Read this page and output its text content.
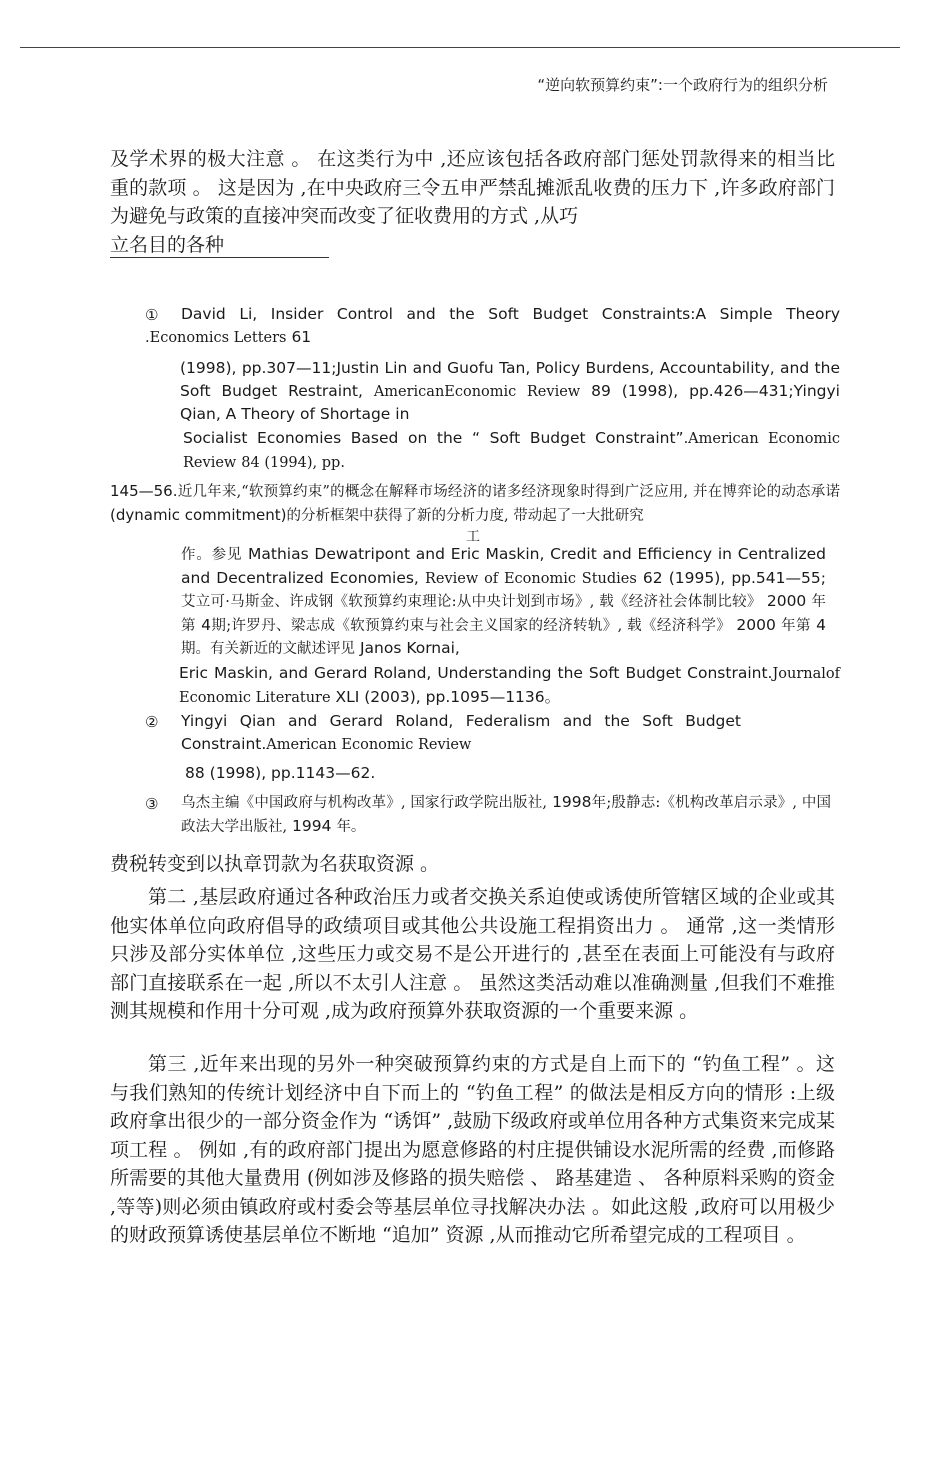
“逆向软预算约束”:一个政府行为的组织分析

及学术界的极大注意 。 在这类行为中 ,还应该包括各政府部门惩处罚款得来的相当比重的款项 。 这是因为 ,在中央政府三令五申严禁乱摊派乱收费的压力下 ,许多政府部门为避免与政策的直接冲突而改变了征收费用的方式 ,从巧
立名目的各种

①	David Li, Insider Control and the Soft Budget Constraints:A Simple Theory .Economics Letters 61

(1998), pp.307—11;Justin Lin and Guofu Tan, Policy Burdens, Accountability, and the Soft Budget Restraint, AmericanEconomic Review 89 (1998), pp.426—431;Yingyi Qian, A Theory of Shortage in

Socialist Economies Based on the “ Soft Budget Constraint”.American Economic Review 84 (1994), pp.

145—56.近几年来,“软预算约束”的概念在解释市场经济的诸多经济现象时得到广泛应用, 并在博弈论的动态承诺(dynamic commitment)的分析框架中获得了新的分析力度, 带动起了一大批研究

工

作。参见 Mathias Dewatripont and Eric Maskin, Credit and Efficiency in Centralized and Decentralized Economies, Review of Economic Studies 62 (1995), pp.541—55;艾立可·马斯金、许成钢《软预算约束理论:从中央计划到市场》, 载《经济社会体制比较》 2000 年第 4期;许罗丹、梁志成《软预算约束与社会主义国家的经济转轨》, 载《经济科学》 2000 年第 4 期。有关新近的文献述评见 Janos Kornai,

Eric Maskin, and Gerard Roland, Understanding the Soft Budget Constraint.Journalof Economic Literature XLI (2003), pp.1095—1136。

② Yingyi Qian and Gerard Roland, Federalism and the Soft Budget Constraint.American Economic Review

88 (1998), pp.1143—62.

③ 乌杰主编《中国政府与机构改革》, 国家行政学院出版社, 1998年;殷静志:《机构改革启示录》, 中国政法大学出版社, 1994 年。

费税转变到以执章罚款为名获取资源 。

第二 ,基层政府通过各种政治压力或者交换关系迫使或诱使所管辖区域的企业或其他实体单位向政府倡导的政绩项目或其他公共设施工程捐资出力 。 通常 ,这一类情形只涉及部分实体单位 ,这些压力或交易不是公开进行的 ,甚至在表面上可能没有与政府部门直接联系在一起 ,所以不太引人注意 。 虽然这类活动难以准确测量 ,但我们不难推测其规模和作用十分可观 ,成为政府预算外获取资源的一个重要来源 。

第三 ,近年来出现的另外一种突破预算约束的方式是自上而下的 “钓鱼工程” 。这与我们熟知的传统计划经济中自下而上的 “钓鱼工程” 的做法是相反方向的情形 :上级政府拿出很少的一部分资金作为 “诱饵” ,鼓励下级政府或单位用各种方式集资来完成某项工程 。 例如 ,有的政府部门提出为愿意修路的村庄提供铺设水泥所需的经费 ,而修路所需要的其他大量费用 (例如涉及修路的损失赔偿 、 路基建造 、 各种原料采购的资金 ,等等)则必须由镇政府或村委会等基层单位寻找解决办法 。如此这般 ,政府可以用极少的财政预算诱使基层单位不断地 “追加” 资源 ,从而推动它所希望完成的工程项目 。
